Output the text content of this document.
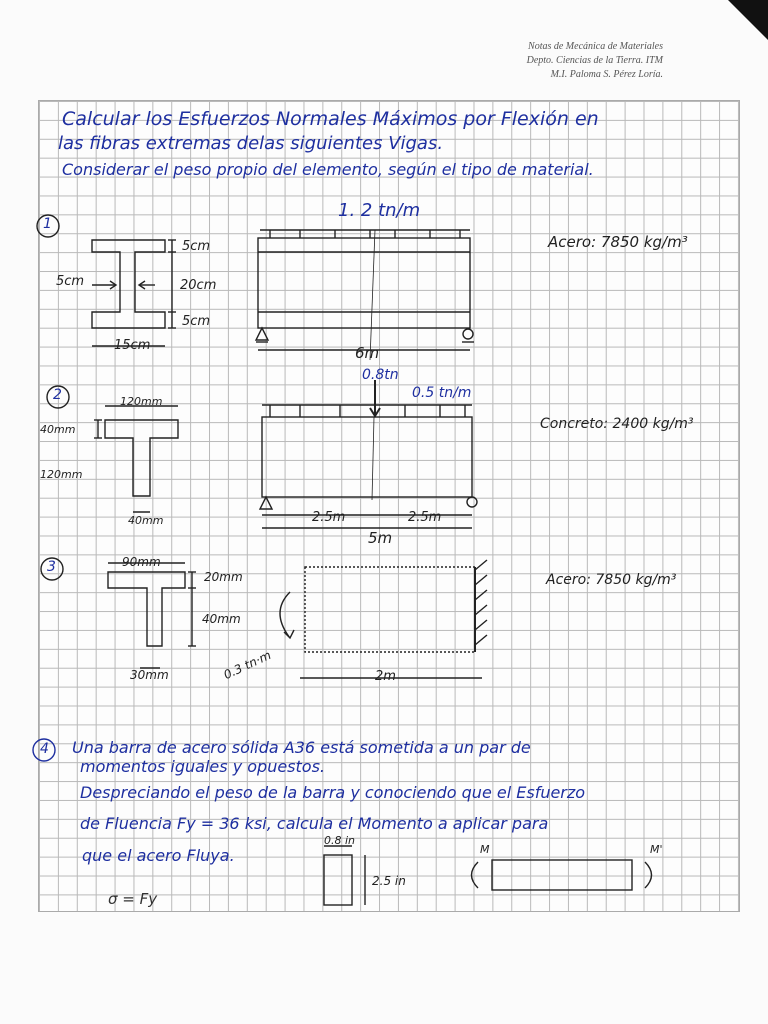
Notas de Mecánica de Materiales
Depto. Ciencias de la Tierra. ITM
M.I. Paloma S. Pérez Loría.
Calcular los Esfuerzos Normales Máximos por Flexión en
las fibras extremas delas siguientes Vigas.
Considerar el peso propio del elemento, según el tipo de material.
1
1. 2 tn/m
5cm
20cm
5cm
5cm
15cm	6m
Acero: 7850 kg/m³
2
0.8tn
0.5 tn/m
120mm
40mm
120mm
40mm	2.5m	2.5m
5m
Concreto: 2400 kg/m³
3	90mm
20mm
40mm
30mm	0.3 tn·m	2m
Acero: 7850 kg/m³
4 Una barra de acero sólida A36 está sometida a un par de
momentos iguales y opuestos.
Despreciando el peso de la barra y conociendo que el Esfuerzo
de Fluencia Fy = 36 ksi, calcula el Momento a aplicar para
que el acero Fluya.
0.8 in
2.5 in
σ = Fy
M	M'
